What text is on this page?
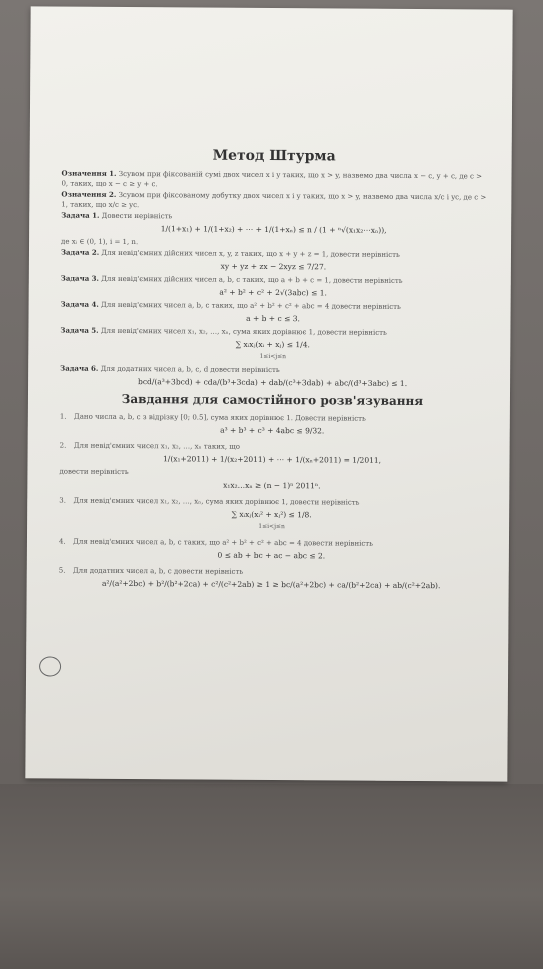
Метод Штурма
Означення 1. Зсувом при фіксованій сумі двох чисел x і y таких, що x > y, назвемо два числа x − c, y + c, де c > 0, таких, що x − c ≥ y + c.
Означення 2. Зсувом при фіксованому добутку двох чисел x і y таких, що x > y, назвемо два числа x/c і yc, де c > 1, таких, що x/c ≥ yc.
Задача 1. Довести нерівність
1/(1+x₁) + 1/(1+x₂) + ⋯ + 1/(1+xₙ) ≤ n / (1 + ⁿ√(x₁x₂⋯xₙ)),
де xᵢ ∈ (0, 1), i = 1, n.
Задача 2. Для невід'ємних дійсних чисел x, y, z таких, що x + y + z = 1, довести нерівність
xy + yz + zx − 2xyz ≤ 7/27.
Задача 3. Для невід'ємних дійсних чисел a, b, c таких, що a + b + c = 1, довести нерівність
a² + b² + c² + 2√(3abc) ≤ 1.
Задача 4. Для невід'ємних чисел a, b, c таких, що a² + b² + c² + abc = 4 довести нерівність
a + b + c ≤ 3.
Задача 5. Для невід'ємних чисел x₁, x₂, …, xₙ, сума яких дорівнює 1, довести нерівність
∑ xᵢxⱼ(xᵢ + xⱼ) ≤ 1/4.
1≤i<j≤n
Задача 6. Для додатних чисел a, b, c, d довести нерівність
bcd/(a³+3bcd) + cda/(b³+3cda) + dab/(c³+3dab) + abc/(d³+3abc) ≤ 1.
Завдання для самостійного розв'язування
1. Дано числа a, b, c з відрізку [0; 0.5], сума яких дорівнює 1. Довести нерівність
a³ + b³ + c³ + 4abc ≤ 9/32.
2. Для невід'ємних чисел x₁, x₂, …, xₙ таких, що
1/(x₁+2011) + 1/(x₂+2011) + ⋯ + 1/(xₙ+2011) = 1/2011,
довести нерівність
x₁x₂…xₙ ≥ (n − 1)ⁿ 2011ⁿ.
3. Для невід'ємних чисел x₁, x₂, …, xₙ, сума яких дорівнює 1, довести нерівність
∑ xᵢxⱼ(xᵢ² + xⱼ²) ≤ 1/8.
1≤i<j≤n
4. Для невід'ємних чисел a, b, c таких, що a² + b² + c² + abc = 4 довести нерівність
0 ≤ ab + bc + ac − abc ≤ 2.
5. Для додатних чисел a, b, c довести нерівність
a²/(a²+2bc) + b²/(b²+2ca) + c²/(c²+2ab) ≥ 1 ≥ bc/(a²+2bc) + ca/(b²+2ca) + ab/(c²+2ab).
